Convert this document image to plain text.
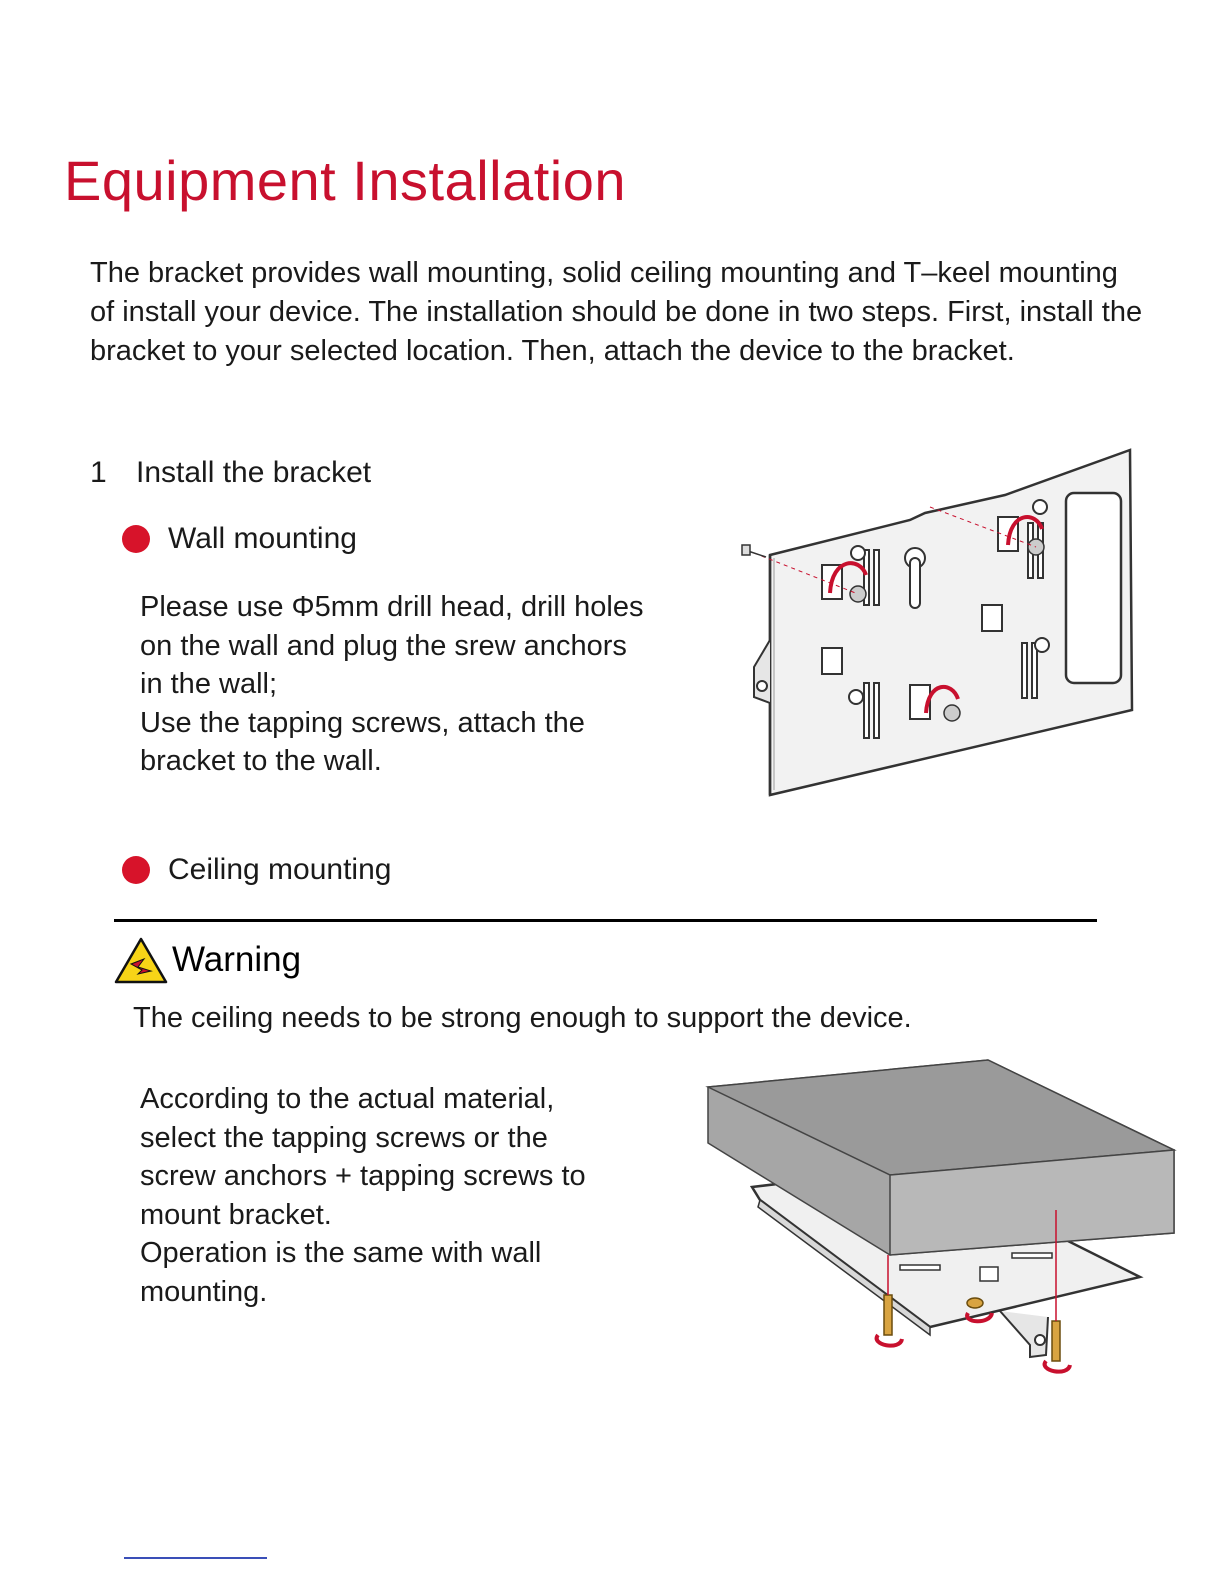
Equipment Installation

The bracket provides wall mounting, solid ceiling mounting and T–keel mounting of install your device. The installation should be done in two steps. First, install the bracket to your selected location. Then, attach the device to the bracket.

1 Install the bracket
Wall mounting

Please use Φ5mm drill head, drill holes

on the wall and plug the srew anchors

in the wall;

Use the tapping screws, attach the

bracket to the wall.

Ceiling mounting
Warning
The ceiling needs to be strong enough to support the device.

According to the actual material,

select the tapping screws or the

screw anchors + tapping screws to

mount bracket.

Operation is the same with wall

mounting.
